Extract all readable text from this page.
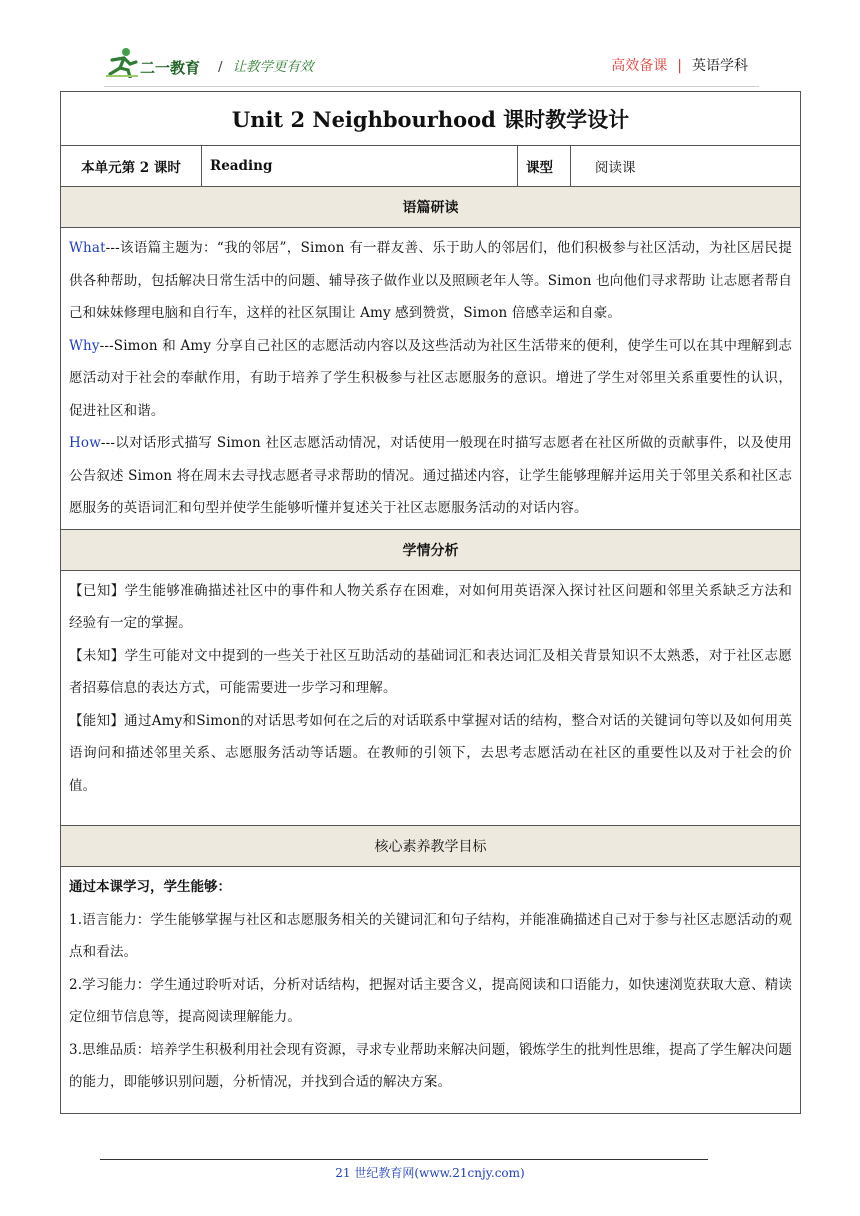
二一教育 / 让教学更有效	高效备课 | 英语学科
Unit 2 Neighbourhood 课时教学设计
本单元第 2 课时	Reading	课型	阅读课
语篇研读

What---该语篇主题为：“我的邻居”，Simon 有一群友善、乐于助人的邻居们，他们积极参与社区活动，为社区居民提供各种帮助，包括解决日常生活中的问题、辅导孩子做作业以及照顾老年人等。Simon 也向他们寻求帮助 让志愿者帮自己和妹妹修理电脑和自行车，这样的社区氛围让 Amy 感到赞赏，Simon 倍感幸运和自豪。

Why---Simon 和 Amy 分享自己社区的志愿活动内容以及这些活动为社区生活带来的便利，使学生可以在其中理解到志愿活动对于社会的奉献作用，有助于培养了学生积极参与社区志愿服务的意识。增进了学生对邻里关系重要性的认识，促进社区和谐。

How---以对话形式描写 Simon 社区志愿活动情况，对话使用一般现在时描写志愿者在社区所做的贡献事件，以及使用公告叙述 Simon 将在周末去寻找志愿者寻求帮助的情况。通过描述内容，让学生能够理解并运用关于邻里关系和社区志愿服务的英语词汇和句型并使学生能够听懂并复述关于社区志愿服务活动的对话内容。

学情分析

【已知】学生能够准确描述社区中的事件和人物关系存在困难，对如何用英语深入探讨社区问题和邻里关系缺乏方法和经验有一定的掌握。

【未知】学生可能对文中提到的一些关于社区互助活动的基础词汇和表达词汇及相关背景知识不太熟悉，对于社区志愿者招募信息的表达方式，可能需要进一步学习和理解。

【能知】通过Amy和Simon的对话思考如何在之后的对话联系中掌握对话的结构，整合对话的关键词句等以及如何用英语询问和描述邻里关系、志愿服务活动等话题。在教师的引领下，去思考志愿活动在社区的重要性以及对于社会的价值。

核心素养教学目标

通过本课学习，学生能够：

1.语言能力：学生能够掌握与社区和志愿服务相关的关键词汇和句子结构，并能准确描述自己对于参与社区志愿活动的观点和看法。

2.学习能力：学生通过聆听对话，分析对话结构，把握对话主要含义，提高阅读和口语能力，如快速浏览获取大意、精读定位细节信息等，提高阅读理解能力。

3.思维品质：培养学生积极利用社会现有资源，寻求专业帮助来解决问题，锻炼学生的批判性思维，提高了学生解决问题的能力，即能够识别问题，分析情况，并找到合适的解决方案。

21 世纪教育网(www.21cnjy.com)
